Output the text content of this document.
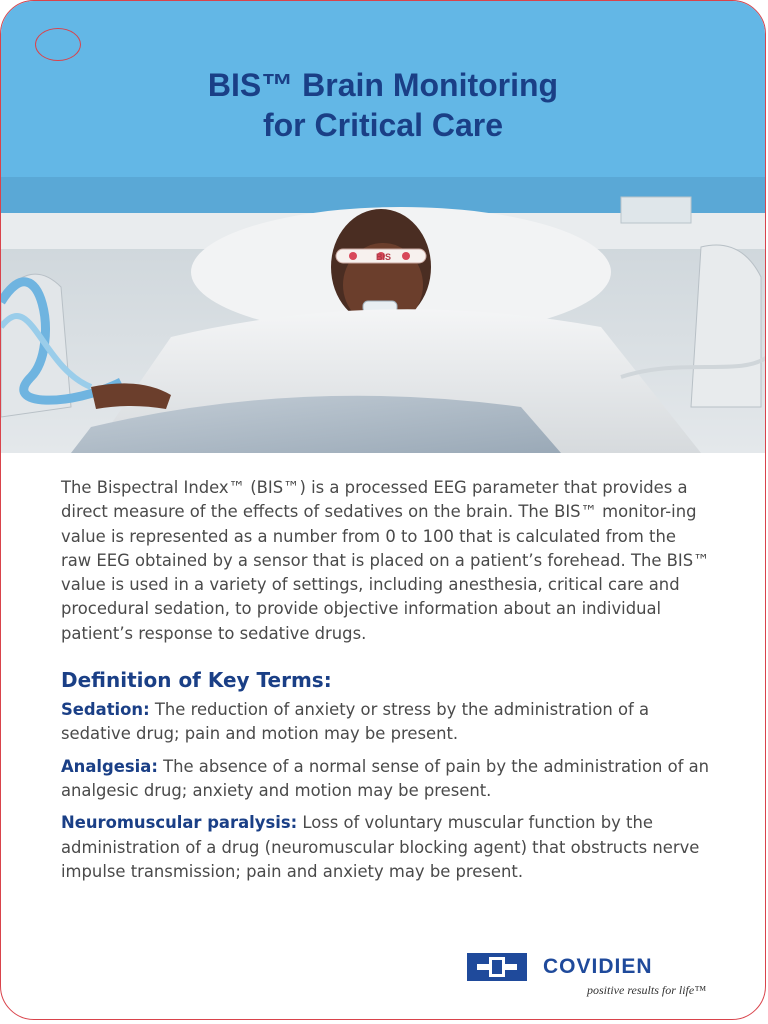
BIS™ Brain Monitoring
for Critical Care
BIS

The Bispectral Index™ (BIS™) is a processed EEG parameter that provides a direct measure of the effects of sedatives on the brain. The BIS™ monitor-ing value is represented as a number from 0 to 100 that is calculated from the raw EEG obtained by a sensor that is placed on a patient’s forehead. The BIS™ value is used in a variety of settings, including anesthesia, critical care and procedural sedation, to provide objective information about an individual patient’s response to sedative drugs.

Definition of Key Terms:

Sedation: The reduction of anxiety or stress by the administration of a sedative drug; pain and motion may be present.

Analgesia: The absence of a normal sense of pain by the administration of an analgesic drug; anxiety and motion may be present.

Neuromuscular paralysis: Loss of voluntary muscular function by the administration of a drug (neuromuscular blocking agent) that obstructs nerve impulse transmission; pain and anxiety may be present.

COVIDIEN
positive results for life™
